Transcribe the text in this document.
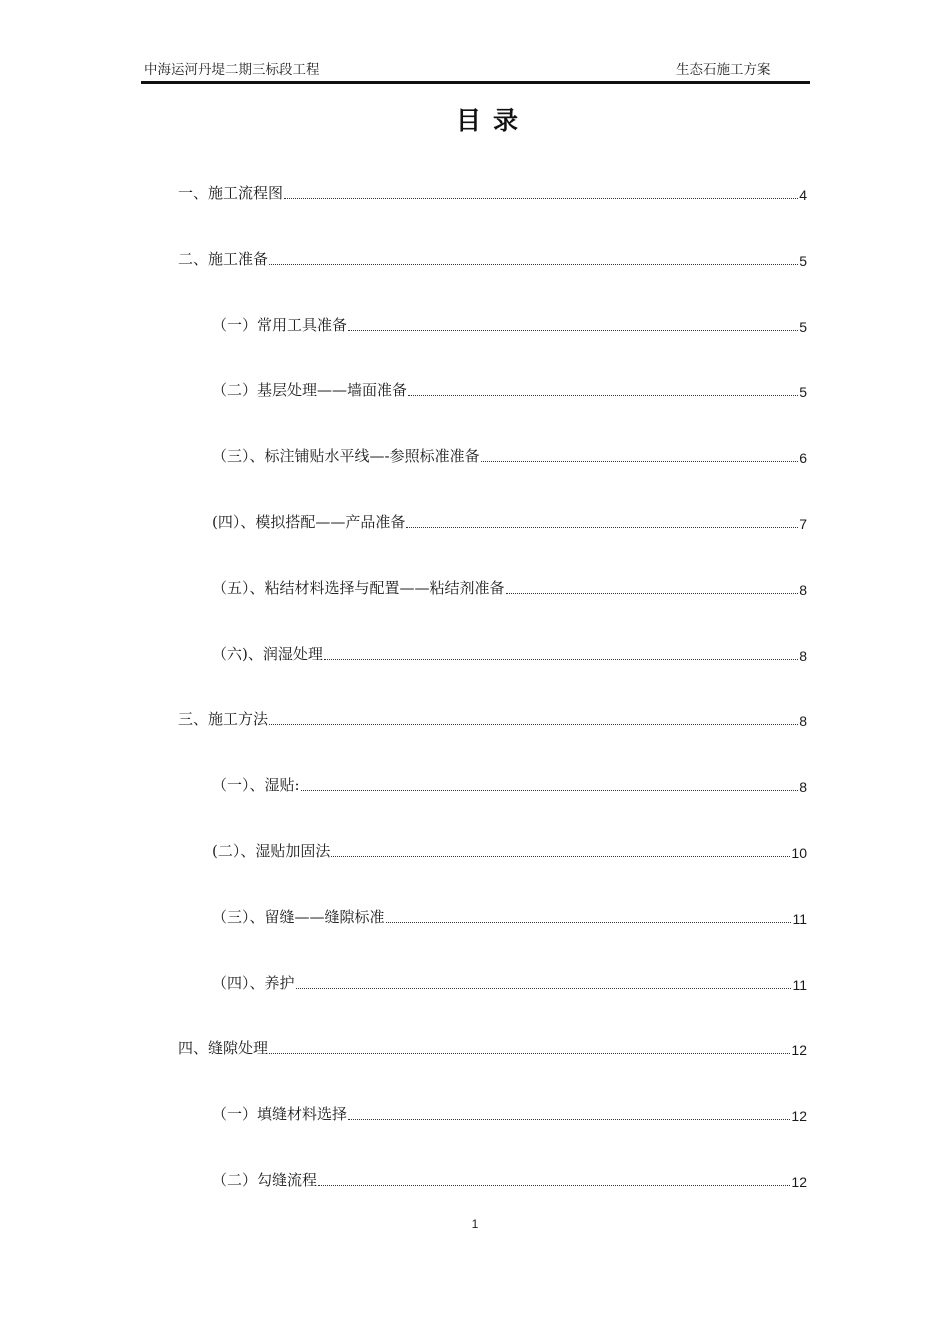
中海运河丹堤二期三标段工程	生态石施工方案
目录
一、施工流程图	4
二、施工准备	5
（一）常用工具准备	5
（二）基层处理——墙面准备	5
（三）、标注铺贴水平线—-参照标准准备	6
(四）、模拟搭配——产品准备	7
（五）、粘结材料选择与配置——粘结剂准备	8
（六)、润湿处理	8
三、施工方法	8
（一）、湿贴:	8
(二）、湿贴加固法	10
（三）、留缝——缝隙标准	11
（四）、养护	11
四、缝隙处理	12
（一）填缝材料选择	12
（二）勾缝流程	12
1
